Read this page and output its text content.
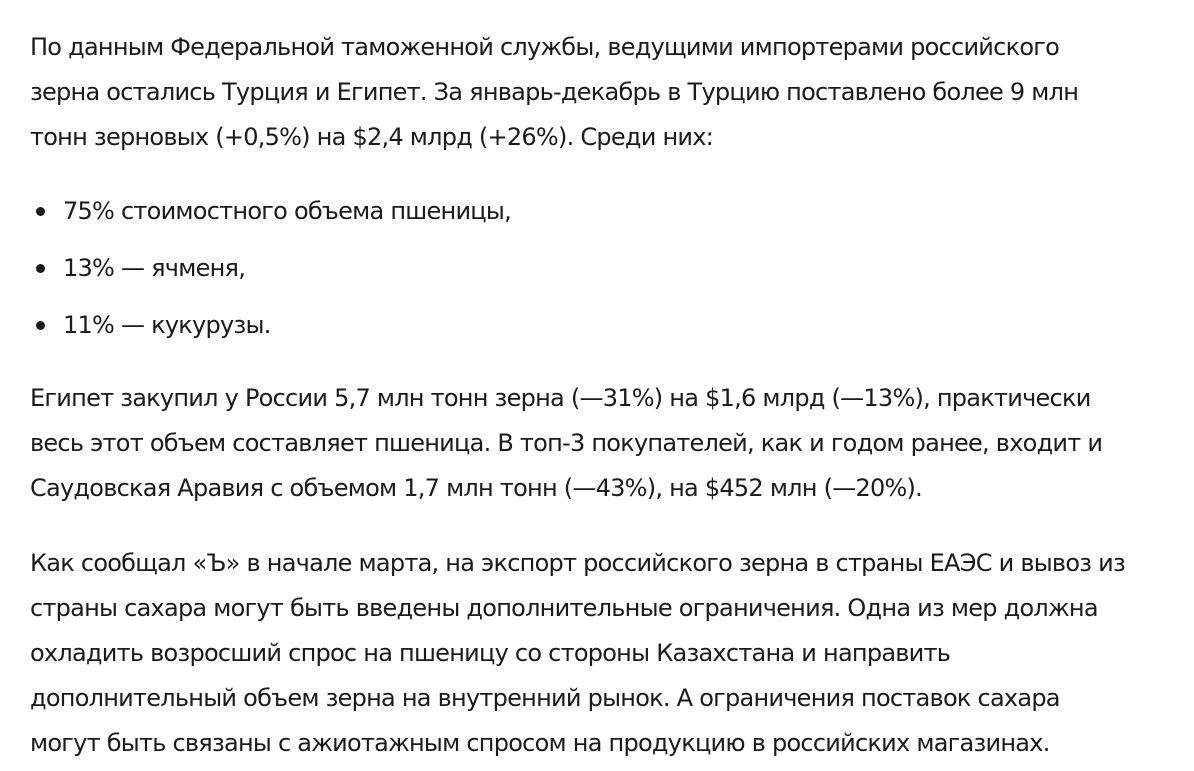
По данным Федеральной таможенной службы, ведущими импортерами российского
зерна остались Турция и Египет. За январь-декабрь в Турцию поставлено более 9 млн
тонн зерновых (+0,5%) на $2,4 млрд (+26%). Среди них:

75% стоимостного объема пшеницы,
13% — ячменя,
11% — кукурузы.

Египет закупил у России 5,7 млн тонн зерна (—31%) на $1,6 млрд (—13%), практически
весь этот объем составляет пшеница. В топ-3 покупателей, как и годом ранее, входит и
Саудовская Аравия с объемом 1,7 млн тонн (—43%), на $452 млн (—20%).

Как сообщал «Ъ» в начале марта, на экспорт российского зерна в страны ЕАЭС и вывоз из
страны сахара могут быть введены дополнительные ограничения. Одна из мер должна
охладить возросший спрос на пшеницу со стороны Казахстана и направить
дополнительный объем зерна на внутренний рынок. А ограничения поставок сахара
могут быть связаны с ажиотажным спросом на продукцию в российских магазинах.
